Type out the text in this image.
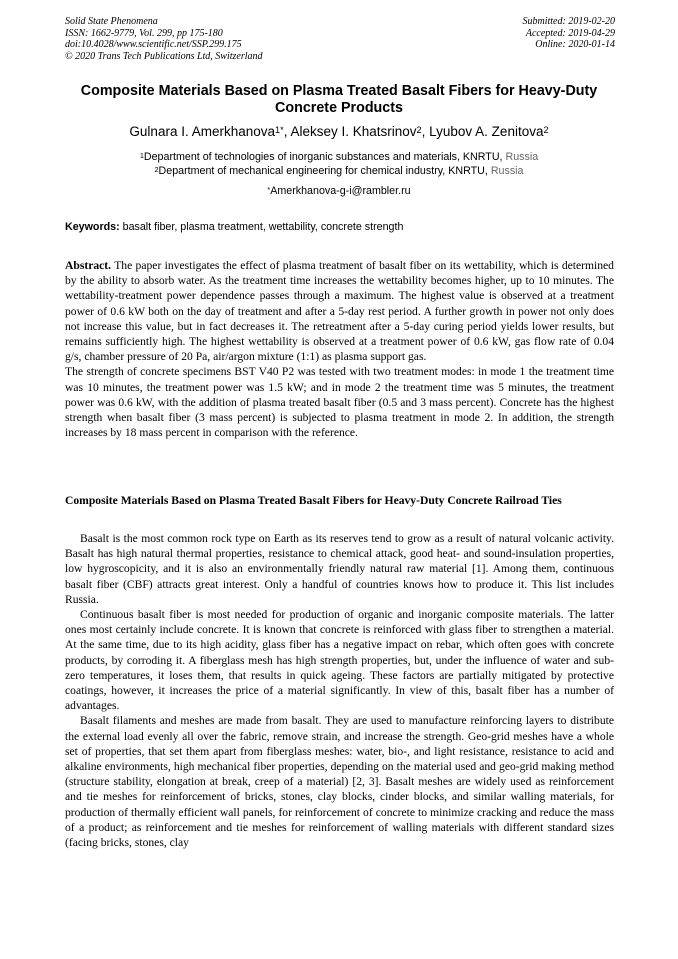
Solid State Phenomena
ISSN: 1662-9779, Vol. 299, pp 175-180
doi:10.4028/www.scientific.net/SSP.299.175
© 2020 Trans Tech Publications Ltd, Switzerland
Submitted: 2019-02-20
Accepted: 2019-04-29
Online: 2020-01-14
Composite Materials Based on Plasma Treated Basalt Fibers for Heavy-Duty Concrete Products
Gulnara I. Amerkhanova$^{1*}$, Aleksey I. Khatsrinov$^2$, Lyubov A. Zenitova$^2$
$^1$Department of technologies of inorganic substances and materials, KNRTU, Russia
$^2$Department of mechanical engineering for chemical industry, KNRTU, Russia
*Amerkhanova-g-i@rambler.ru
Keywords: basalt fiber, plasma treatment, wettability, concrete strength
Abstract. The paper investigates the effect of plasma treatment of basalt fiber on its wettability, which is determined by the ability to absorb water. As the treatment time increases the wettability becomes higher, up to 10 minutes. The wettability-treatment power dependence passes through a maximum. The highest value is observed at a treatment power of 0.6 kW both on the day of treatment and after a 5-day rest period. A further growth in power not only does not increase this value, but in fact decreases it. The retreatment after a 5-day curing period yields lower results, but remains sufficiently high. The highest wettability is observed at a treatment power of 0.6 kW, gas flow rate of 0.04 g/s, chamber pressure of 20 Pa, air/argon mixture (1:1) as plasma support gas.
The strength of concrete specimens BST V40 P2 was tested with two treatment modes: in mode 1 the treatment time was 10 minutes, the treatment power was 1.5 kW; and in mode 2 the treatment time was 5 minutes, the treatment power was 0.6 kW, with the addition of plasma treated basalt fiber (0.5 and 3 mass percent). Concrete has the highest strength when basalt fiber (3 mass percent) is subjected to plasma treatment in mode 2. In addition, the strength increases by 18 mass percent in comparison with the reference.
Composite Materials Based on Plasma Treated Basalt Fibers for Heavy-Duty Concrete Railroad Ties
Basalt is the most common rock type on Earth as its reserves tend to grow as a result of natural volcanic activity. Basalt has high natural thermal properties, resistance to chemical attack, good heat- and sound-insulation properties, low hygroscopicity, and it is also an environmentally friendly natural raw material [1]. Among them, continuous basalt fiber (CBF) attracts great interest. Only a handful of countries knows how to produce it. This list includes Russia.
Continuous basalt fiber is most needed for production of organic and inorganic composite materials. The latter ones most certainly include concrete. It is known that concrete is reinforced with glass fiber to strengthen a material. At the same time, due to its high acidity, glass fiber has a negative impact on rebar, which often goes with concrete products, by corroding it. A fiberglass mesh has high strength properties, but, under the influence of water and sub-zero temperatures, it loses them, that results in quick ageing. These factors are partially mitigated by protective coatings, however, it increases the price of a material significantly. In view of this, basalt fiber has a number of advantages.
Basalt filaments and meshes are made from basalt. They are used to manufacture reinforcing layers to distribute the external load evenly all over the fabric, remove strain, and increase the strength. Geo-grid meshes have a whole set of properties, that set them apart from fiberglass meshes: water, bio-, and light resistance, resistance to acid and alkaline environments, high mechanical fiber properties, depending on the material used and geo-grid making method (structure stability, elongation at break, creep of a material) [2, 3]. Basalt meshes are widely used as reinforcement and tie meshes for reinforcement of bricks, stones, clay blocks, cinder blocks, and similar walling materials, for production of thermally efficient wall panels, for reinforcement of concrete to minimize cracking and reduce the mass of a product; as reinforcement and tie meshes for reinforcement of walling materials with different standard sizes (facing bricks, stones, clay
